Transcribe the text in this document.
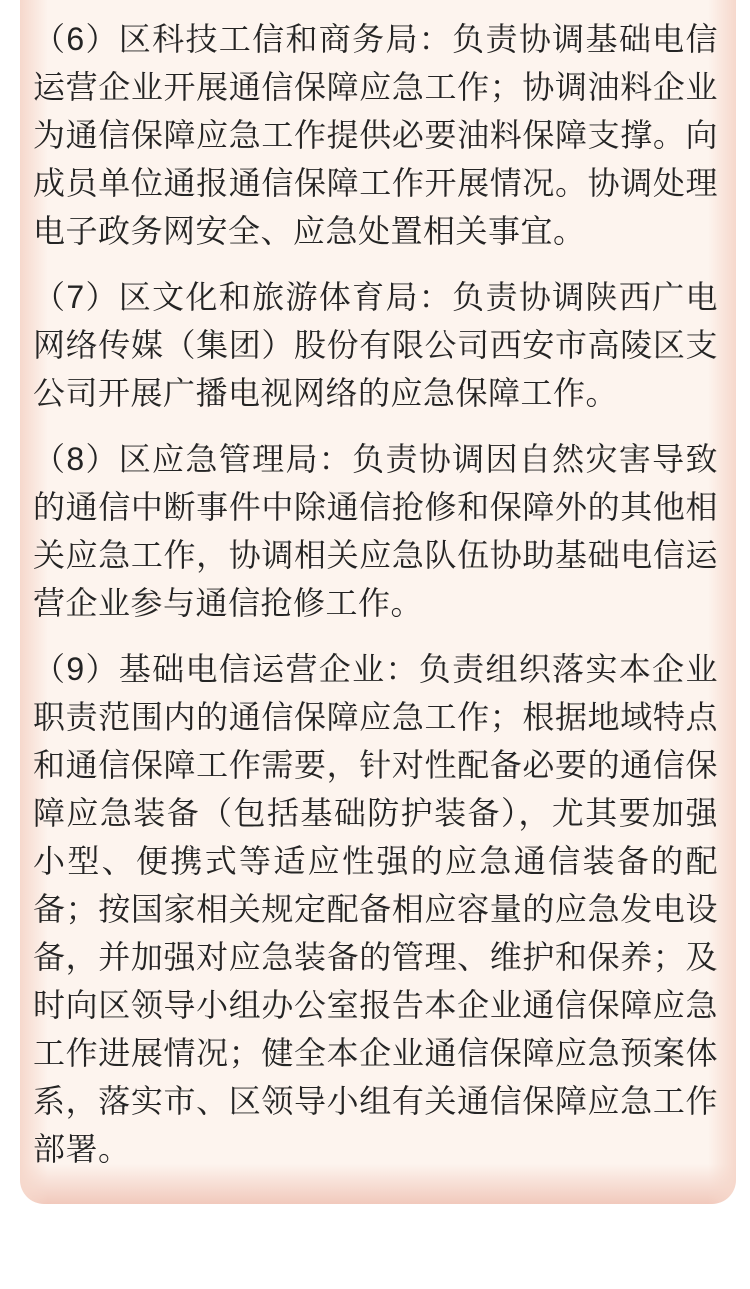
（6）区科技工信和商务局：负责协调基础电信运营企业开展通信保障应急工作；协调油料企业为通信保障应急工作提供必要油料保障支撑。向成员单位通报通信保障工作开展情况。协调处理电子政务网安全、应急处置相关事宜。

（7）区文化和旅游体育局：负责协调陕西广电网络传媒（集团）股份有限公司西安市高陵区支公司开展广播电视网络的应急保障工作。

（8）区应急管理局：负责协调因自然灾害导致的通信中断事件中除通信抢修和保障外的其他相关应急工作，协调相关应急队伍协助基础电信运营企业参与通信抢修工作。

（9）基础电信运营企业：负责组织落实本企业职责范围内的通信保障应急工作；根据地域特点和通信保障工作需要，针对性配备必要的通信保障应急装备（包括基础防护装备），尤其要加强小型、便携式等适应性强的应急通信装备的配备；按国家相关规定配备相应容量的应急发电设备，并加强对应急装备的管理、维护和保养；及时向区领导小组办公室报告本企业通信保障应急工作进展情况；健全本企业通信保障应急预案体系，落实市、区领导小组有关通信保障应急工作部署。
